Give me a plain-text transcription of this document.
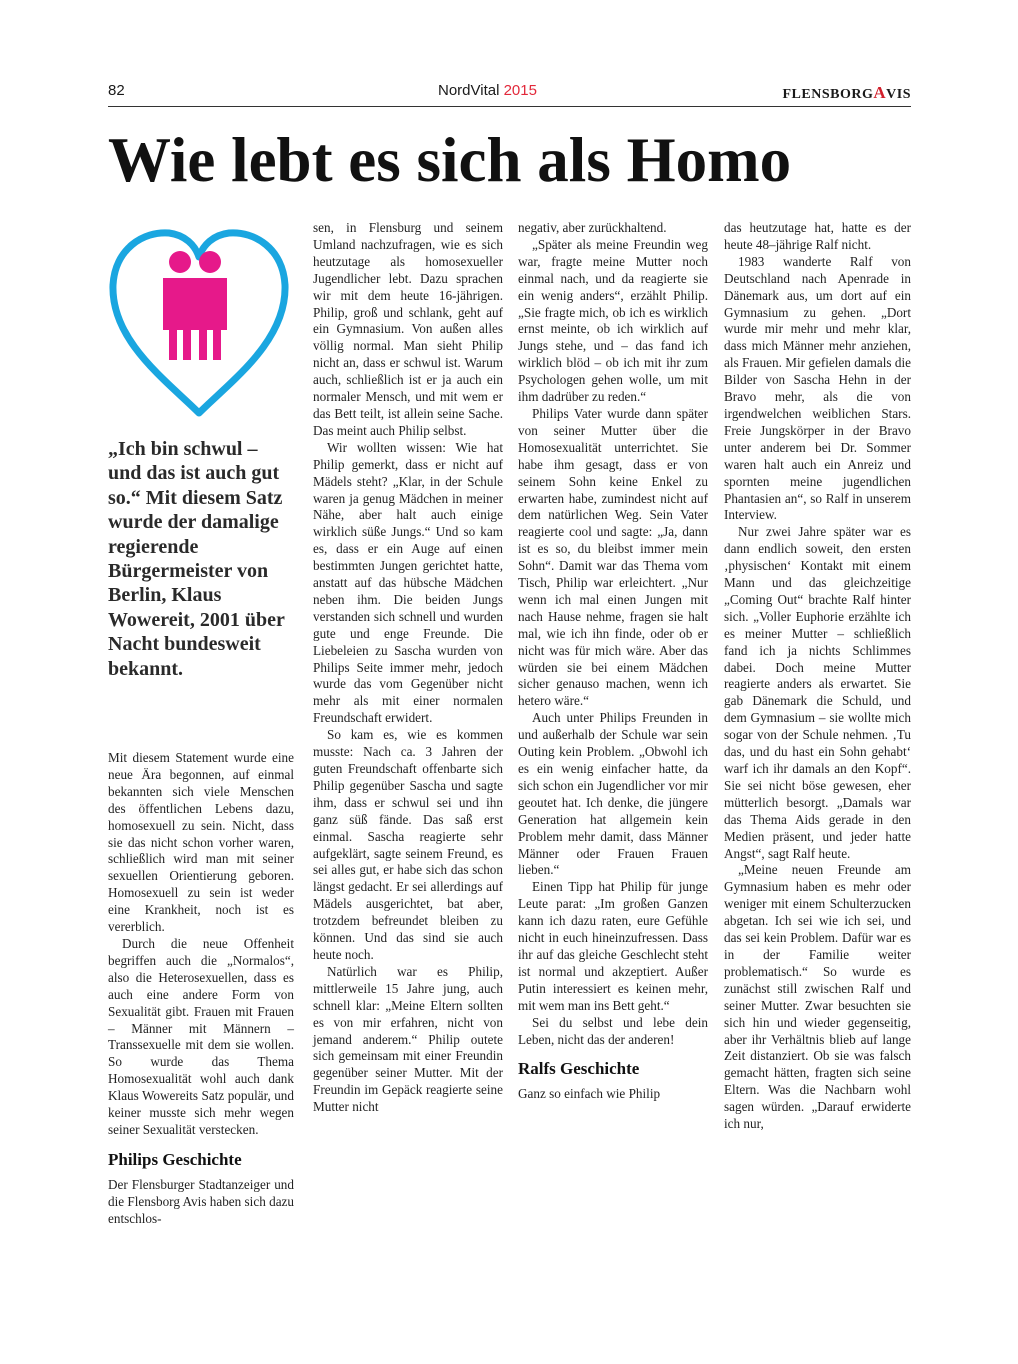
82	NordVital 2015	FLENSBORGAVIS
Wie lebt es sich als Homo
„Ich bin schwul – und das ist auch gut so.“ Mit diesem Satz wurde der damalige regierende Bürgermeister von Berlin, Klaus Wowereit, 2001 über Nacht bundesweit bekannt.

Mit diesem Statement wurde eine neue Ära begonnen, auf einmal bekannten sich viele Menschen des öffentlichen Lebens dazu, homosexuell zu sein. Nicht, dass sie das nicht schon vorher waren, schließlich wird man mit seiner sexuellen Orientierung geboren. Homosexuell zu sein ist weder eine Krankheit, noch ist es vererblich.

Durch die neue Offenheit begriffen auch die „Normalos“, also die Heterosexuellen, dass es auch eine andere Form von Sexualität gibt. Frauen mit Frauen – Männer mit Männern – Transsexuelle mit dem sie wollen. So wurde das Thema Homosexualität wohl auch dank Klaus Wowereits Satz populär, und keiner musste sich mehr wegen seiner Sexualität verstecken.

Philips Geschichte

Der Flensburger Stadtanzeiger und die Flensborg Avis haben sich dazu entschlos-

sen, in Flensburg und seinem Umland nachzufragen, wie es sich heutzutage als homosexueller Jugendlicher lebt. Dazu sprachen wir mit dem heute 16-jährigen. Philip, groß und schlank, geht auf ein Gymnasium. Von außen alles völlig normal. Man sieht Philip nicht an, dass er schwul ist. Warum auch, schließlich ist er ja auch ein normaler Mensch, und mit wem er das Bett teilt, ist allein seine Sache. Das meint auch Philip selbst.

Wir wollten wissen: Wie hat Philip gemerkt, dass er nicht auf Mädels steht? „Klar, in der Schule waren ja genug Mädchen in meiner Nähe, aber halt auch einige wirklich süße Jungs.“ Und so kam es, dass er ein Auge auf einen bestimmten Jungen gerichtet hatte, anstatt auf das hübsche Mädchen neben ihm. Die beiden Jungs verstanden sich schnell und wurden gute und enge Freunde. Die Liebeleien zu Sascha wurden von Philips Seite immer mehr, jedoch wurde das vom Gegenüber nicht mehr als mit einer normalen Freundschaft erwidert.

So kam es, wie es kommen musste: Nach ca. 3 Jahren der guten Freundschaft offenbarte sich Philip gegenüber Sascha und sagte ihm, dass er schwul sei und ihn ganz süß fände. Das saß erst einmal. Sascha reagierte sehr aufgeklärt, sagte seinem Freund, es sei alles gut, er habe sich das schon längst gedacht. Er sei allerdings auf Mädels ausgerichtet, bat aber, trotzdem befreundet bleiben zu können. Und das sind sie auch heute noch.

Natürlich war es Philip, mittlerweile 15 Jahre jung, auch schnell klar: „Meine Eltern sollten es von mir erfahren, nicht von jemand anderem.“ Philip outete sich gemeinsam mit einer Freundin gegenüber seiner Mutter. Mit der Freundin im Gepäck reagierte seine Mutter nicht

negativ, aber zurückhaltend.

„Später als meine Freundin weg war, fragte meine Mutter noch einmal nach, und da reagierte sie ein wenig anders“, erzählt Philip. „Sie fragte mich, ob ich es wirklich ernst meinte, ob ich wirklich auf Jungs stehe, und – das fand ich wirklich blöd – ob ich mit ihr zum Psychologen gehen wolle, um mit ihm dadrüber zu reden.“

Philips Vater wurde dann später von seiner Mutter über die Homosexualität unterrichtet. Sie habe ihm gesagt, dass er von seinem Sohn keine Enkel zu erwarten habe, zumindest nicht auf dem natürlichen Weg. Sein Vater reagierte cool und sagte: „Ja, dann ist es so, du bleibst immer mein Sohn“. Damit war das Thema vom Tisch, Philip war erleichtert. „Nur wenn ich mal einen Jungen mit nach Hause nehme, fragen sie halt mal, wie ich ihn finde, oder ob er nicht was für mich wäre. Aber das würden sie bei einem Mädchen sicher genauso machen, wenn ich hetero wäre.“

Auch unter Philips Freunden in und außerhalb der Schule war sein Outing kein Problem. „Obwohl ich es ein wenig einfacher hatte, da sich schon ein Jugendlicher vor mir geoutet hat. Ich denke, die jüngere Generation hat allgemein kein Problem mehr damit, dass Männer Männer oder Frauen Frauen lieben.“

Einen Tipp hat Philip für junge Leute parat: „Im großen Ganzen kann ich dazu raten, eure Gefühle nicht in euch hineinzufressen. Dass ihr auf das gleiche Geschlecht steht ist normal und akzeptiert. Außer Putin interessiert es keinen mehr, mit wem man ins Bett geht.“

Sei du selbst und lebe dein Leben, nicht das der anderen!

Ralfs Geschichte

Ganz so einfach wie Philip

das heutzutage hat, hatte es der heute 48–jährige Ralf nicht.

1983 wanderte Ralf von Deutschland nach Apenrade in Dänemark aus, um dort auf ein Gymnasium zu gehen. „Dort wurde mir mehr und mehr klar, dass mich Männer mehr anziehen, als Frauen. Mir gefielen damals die Bilder von Sascha Hehn in der Bravo mehr, als die von irgendwelchen weiblichen Stars. Freie Jungskörper in der Bravo unter anderem bei Dr. Sommer waren halt auch ein Anreiz und spornten meine jugendlichen Phantasien an“, so Ralf in unserem Interview.

Nur zwei Jahre später war es dann endlich soweit, den ersten ‚physischen‘ Kontakt mit einem Mann und das gleichzeitige „Coming Out“ brachte Ralf hinter sich. „Voller Euphorie erzählte ich es meiner Mutter – schließlich fand ich ja nichts Schlimmes dabei. Doch meine Mutter reagierte anders als erwartet. Sie gab Dänemark die Schuld, und dem Gymnasium – sie wollte mich sogar von der Schule nehmen. ‚Tu das, und du hast ein Sohn gehabt‘ warf ich ihr damals an den Kopf“. Sie sei nicht böse gewesen, eher mütterlich besorgt. „Damals war das Thema Aids gerade in den Medien präsent, und jeder hatte Angst“, sagt Ralf heute.

„Meine neuen Freunde am Gymnasium haben es mehr oder weniger mit einem Schulterzucken abgetan. Ich sei wie ich sei, und das sei kein Problem. Dafür war es in der Familie weiter problematisch.“ So wurde es zunächst still zwischen Ralf und seiner Mutter. Zwar besuchten sie sich hin und wieder gegenseitig, aber ihr Verhältnis blieb auf lange Zeit distanziert. Ob sie was falsch gemacht hätten, fragten sich seine Eltern. Was die Nachbarn wohl sagen würden. „Darauf erwiderte ich nur,
